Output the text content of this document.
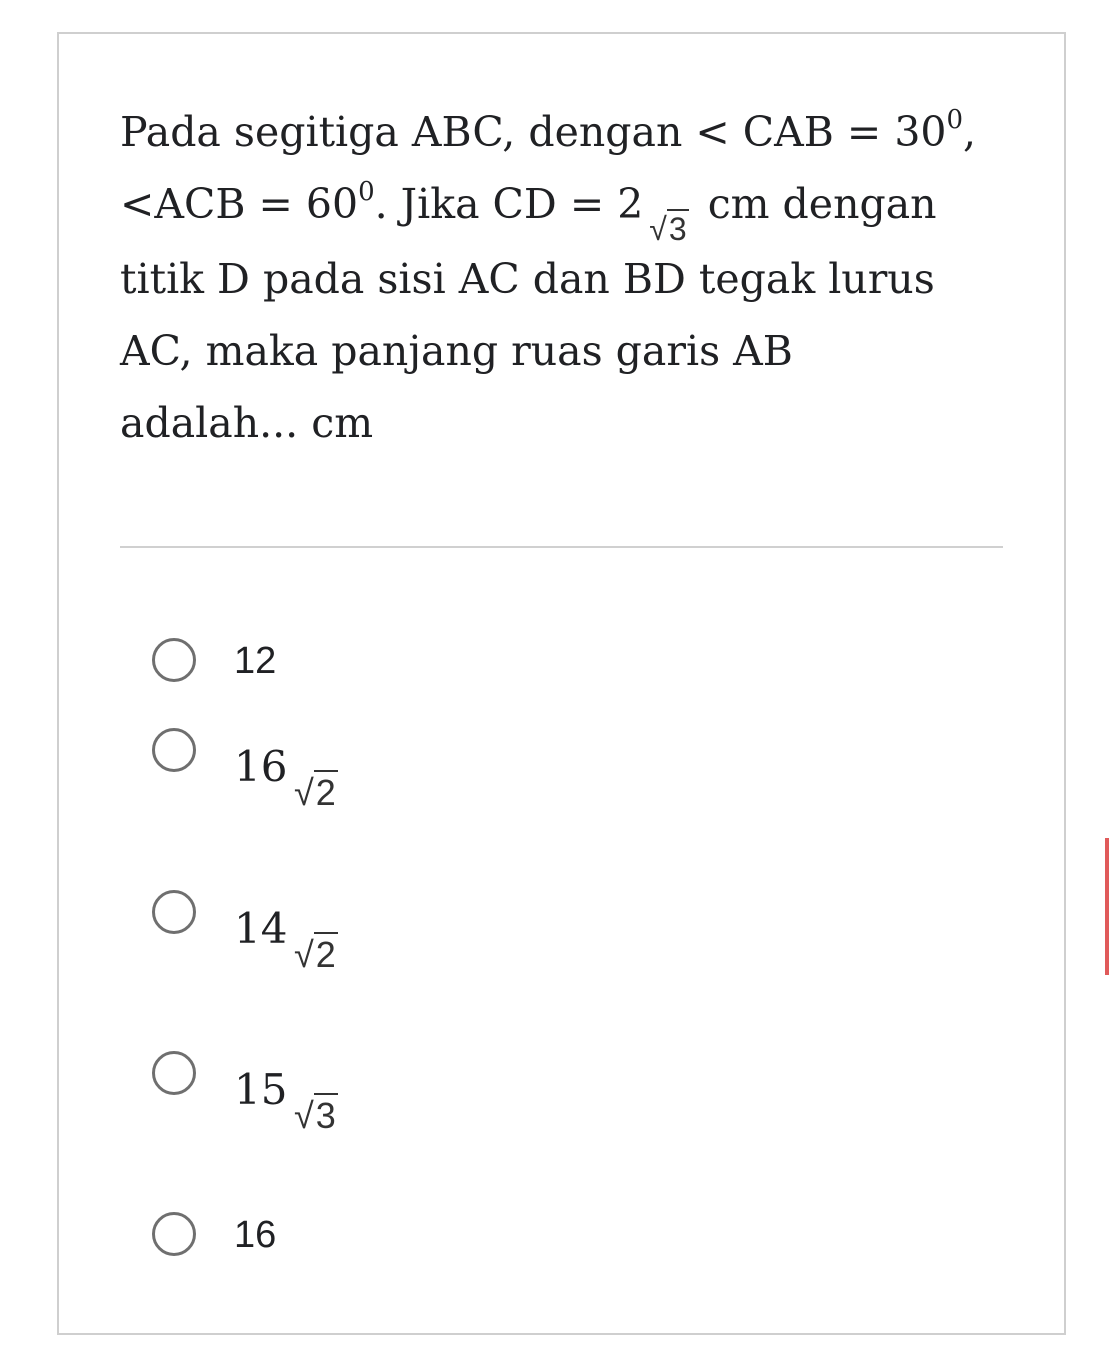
Pada segitiga ABC, dengan < CAB = $30^0$, $<ACB = 60^0$. Jika CD = $2_{√3}$ cm dengan titik D pada sisi AC dan BD tegak lurus AC, maka panjang ruas garis AB adalah... cm
12
16
√2
14
√2
15
√3
16
